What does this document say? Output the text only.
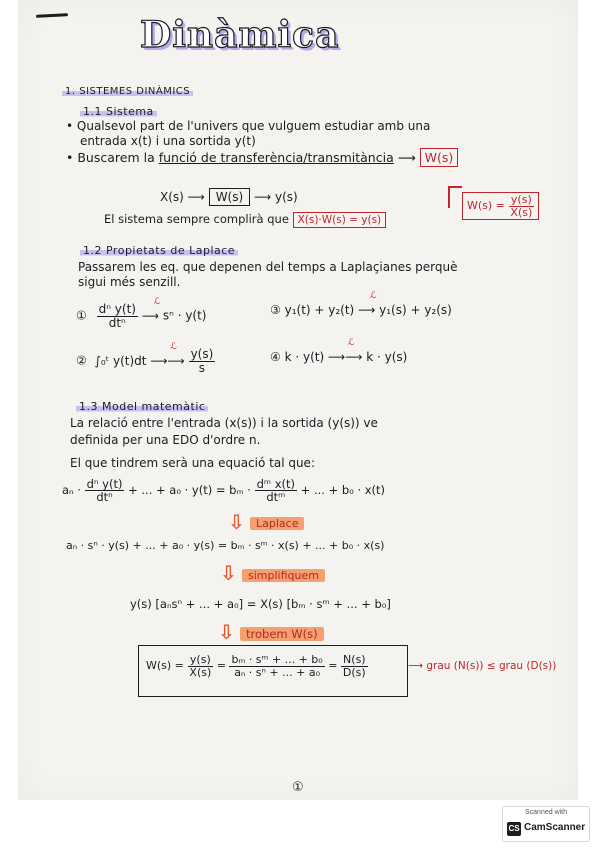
Dinàmica
1. SISTEMES DINÀMICS
1.1 Sistema
• Qualsevol part de l'univers que vulguem estudiar amb una
entrada x(t) i una sortida y(t)
• Buscarem la funció de transferència/transmitància ⟶ W(s)
X(s) ⟶ W(s) ⟶ y(s)
El sistema sempre complirà que X(s)·W(s) = y(s)
$W(s) = \frac{y(s)}{X(s)}$
1.2 Propietats de Laplace
Passarem les eq. que depenen del temps a Laplaçianes perquè
sigui més senzill.
① $\frac{\text{dⁿ y(t)}}{\text{dtⁿ}}$ ⟶
ℒ
sⁿ · y(t)	③ y₁(t) + y₂(t) ⟶
ℒ
y₁(s) + y₂(s)
② ∫₀ᵗ y(t)dt ⟶⟶
ℒ

$\frac{y(s)}{s}$	④ k · y(t) ⟶⟶
ℒ
k · y(s)
1.3 Model matemàtic
La relació entre l'entrada (x(s)) i la sortida (y(s)) ve
definida per una EDO d'ordre n.
El que tindrem serà una equació tal que:
$a_n \cdot \frac{\text{dⁿ y(t)}}{\text{dtⁿ}}$ + ... + $a_0 \cdot y(t) = b_m \cdot \frac{\text{dᵐ x(t)}}{\text{dtᵐ}}$ + ... + b₀ · x(t)
⇩	Laplace
aₙ · sⁿ · y(s) + ... + a₀ · y(s) = bₘ · sᵐ · x(s) + ... + b₀ · x(s)
⇩	simplifiquem
y(s) [aₙsⁿ + ... + a₀] = X(s) [bₘ · sᵐ + ... + b₀]
⇩ trobem W(s)
$W(s) = \frac{y(s)}{X(s)} = \frac{\text{bₘ · sᵐ + ... + b₀}}{\text{aₙ · sⁿ + ... + a₀}} = \frac{N(s)}{D(s)}$	⟶ grau (N(s)) ≤ grau (D(s))
①
Scanned with
CS CamScanner
